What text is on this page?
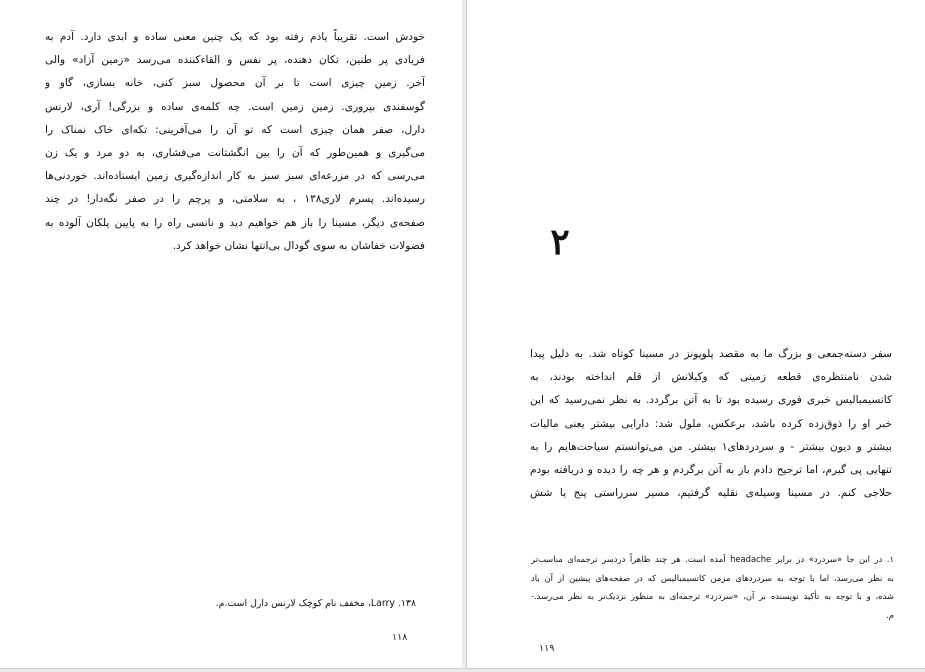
خودش است. تقریباً یادم رفته بود که یک چنین معنی ساده و ابدی دارد. آدم به
فریادی پر طنین، تکان دهنده، پر نفس و القاءکننده می‌رسد «زمین آزاد» والی
آخر. زمین چیزی است تا بر آن محصول سبز کنی، خانه بسازی، گاو و
گوسفندی بپروری. زمین زمین است. چه کلمه‌ی ساده و بزرگی! آری، لارنس
دارل، صفر همان چیزی است که تو آن را می‌آفرینی: تکه‌ای خاک نمناک را
می‌گیری و همین‌طور که آن را بین انگشتانت می‌فشاری، به دو مرد و یک زن
می‌رسی که در مزرعه‌ای سبز سبز به کار اندازه‌گیری زمین ایستاده‌اند. خوردنی‌ها
رسیده‌اند. پسرم لاری۱۳۸ ، به سلامتی، و پرچم را در صفر نگه‌دار! در چند
صفحه‌ی دیگر، مسینا را باز هم خواهیم دید و نانسی راه را به پایین پلکان آلوده به
فضولات خفاشان به سوی گودال بی‌انتها نشان خواهد کرد.
۱۳۸. Larry، مخفف نام کوچک لارنس دارل است.م.
۱۱۸
سفر دسته‌جمعی و بزرگ ما به مقصد پلوپونز در مسینا کوتاه شد. به دلیل پیدا
شدن نامنتظره‌ی قطعه زمینی که وکیلانش از قلم انداخته بودند، به
کاتسیمبالیس خبری فوری رسیده بود تا به آتن برگردد. به نظر نمی‌رسید که این
خبر او را ذوق‌زده کرده باشد، برعکس، ملول شد: دارایی بیشتر یعنی مالیات
بیشتر و دیون بیشتر - و سردردهای۱ بیشتر. من می‌توانستم سیاحت‌هایم را به
تنهایی پی گیرم، اما ترجیح دادم باز به آتن برگردم و هر چه را دیده و دریافته بودم
حلاجی کنم. در مسینا وسیله‌ی نقلیه گرفتیم، مسیر سرراستی پنج یا شش
۱. در این جا «سردرد» در برابر headache آمده است. هر چند ظاهراً دردسر ترجمه‌ای مناسب‌تر
به نظر می‌رسد، اما با توجه به سردردهای مزمن کاتسیمبالیس که در صفحه‌های پیشین از آن یاد
شده، و با توجه به تأکید نویسنده بر آن، «سردرد» ترجمه‌ای به منظور نزدیک‌تر به نظر می‌رسد.-
م.
۱۱۹
۲
